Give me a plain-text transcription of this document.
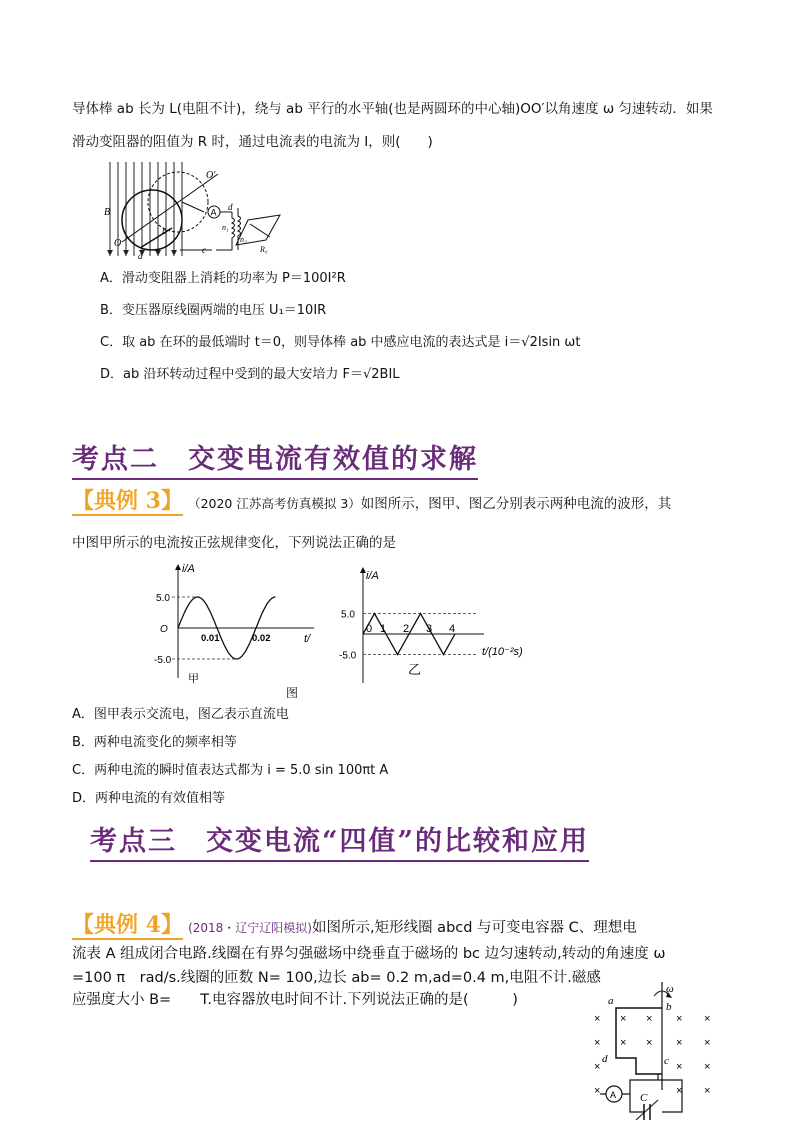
导体棒 ab 长为 L(电阻不计)，绕与 ab 平行的水平轴(也是两圆环的中心轴)OO′以角速度 ω 匀速转动．如果
滑动变阻器的阻值为 R 时，通过电流表的电流为 I，则(　　)
A
B
O
O′
a
b
c
d
n₁
n₂
R₀
A．滑动变阻器上消耗的功率为 P＝100I²R
B．变压器原线圈两端的电压 U₁＝10IR
C．取 ab 在环的最低端时 t＝0，则导体棒 ab 中感应电流的表达式是 i＝√2Isin ωt
D．ab 沿环转动过程中受到的最大安培力 F＝√2BIL
考点二　交变电流有效值的求解
【典例 3】 （2020 江苏高考仿真模拟 3）如图所示，图甲、图乙分别表示两种电流的波形，其
中图甲所示的电流按正弦规律变化，下列说法正确的是
i/A
t/
5.0
-5.0
O
0.01	0.02
甲
i/A
t/(10⁻²s)
5.0
-5.0
0 1 2 3 4
乙
图
A．图甲表示交流电，图乙表示直流电
B．两种电流变化的频率相等
C．两种电流的瞬时值表达式都为 i = 5.0 sin 100πt A
D．两种电流的有效值相等
考点三　交变电流“四值”的比较和应用
【典例 4】 (2018・辽宁辽阳模拟)如图所示,矩形线圈 abcd 与可变电容器 C、理想电
流表 A 组成闭合电路.线圈在有界匀强磁场中绕垂直于磁场的 bc 边匀速转动,转动的角速度 ω
=100 π　rad/s.线圈的匝数 N= 100,边长 ab= 0.2 m,ad=0.4 m,电阻不计.磁感
应强度大小 B=　　T.电容器放电时间不计.下列说法正确的是(　　　)	a	b
c
d
ω
A C
× × × × ×
× × × × ×
×	× ×
×	× ×
